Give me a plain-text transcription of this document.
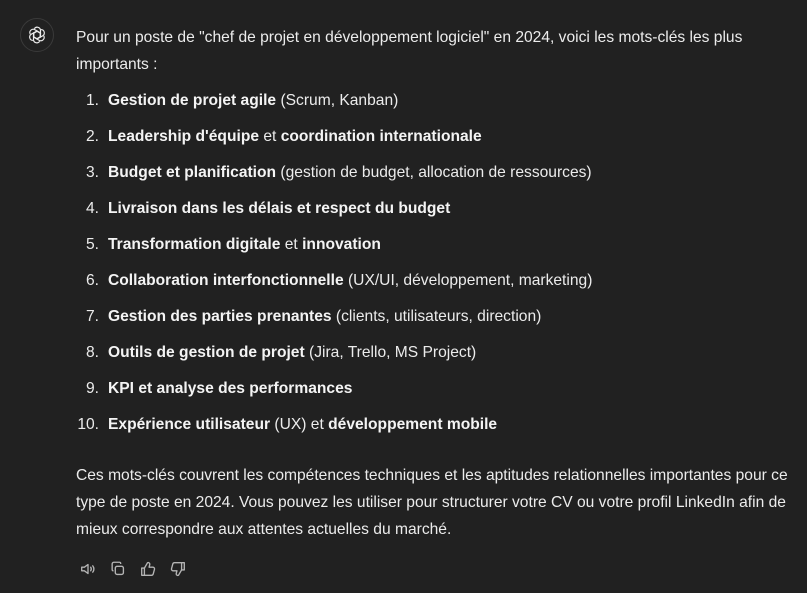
Pour un poste de "chef de projet en développement logiciel" en 2024, voici les mots-clés les plus importants :

1. Gestion de projet agile (Scrum, Kanban)
2. Leadership d'équipe et coordination internationale
3. Budget et planification (gestion de budget, allocation de ressources)
4. Livraison dans les délais et respect du budget
5. Transformation digitale et innovation
6. Collaboration interfonctionnelle (UX/UI, développement, marketing)
7. Gestion des parties prenantes (clients, utilisateurs, direction)
8. Outils de gestion de projet (Jira, Trello, MS Project)
9. KPI et analyse des performances
10. Expérience utilisateur (UX) et développement mobile

Ces mots-clés couvrent les compétences techniques et les aptitudes relationnelles importantes pour ce type de poste en 2024. Vous pouvez les utiliser pour structurer votre CV ou votre profil LinkedIn afin de mieux correspondre aux attentes actuelles du marché.
